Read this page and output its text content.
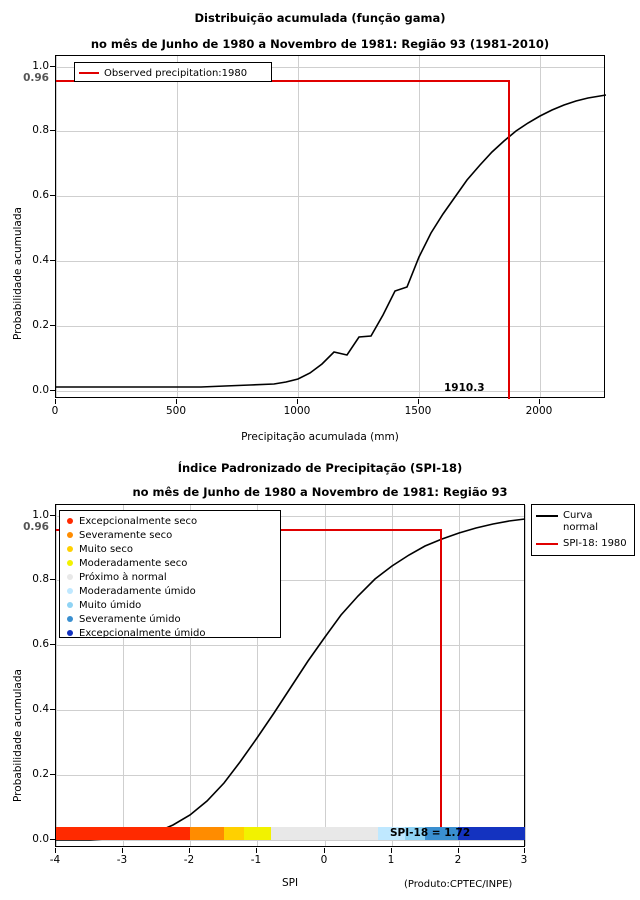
Distribuição acumulada (função gama)
no mês de Junho de 1980 a Novembro de 1981: Região 93 (1981-2010)
Probabilidade acumulada
Observed precipitation:1980
1910.3
0.96
1.0
0.8
0.6
0.4
0.2
0.0
0	500	1000	1500	2000
Precipitação acumulada (mm)
Índice Padronizado de Precipitação (SPI-18)
no mês de Junho de 1980 a Novembro de 1981: Região 93
Probabilidade acumulada
Excepcionalmente seco
Severamente seco
Muito seco
Moderadamente seco
Próximo à normal
Moderadamente úmido
Muito úmido
Severamente úmido
Excepcionalmente úmido
SPI-18 = 1.72
Curva
normal
SPI-18: 1980
0.96
1.0
0.8
0.6
0.4
0.2
0.0
-4	-3	-2	-1	0	1	2	3
SPI	(Produto:CPTEC/INPE)
